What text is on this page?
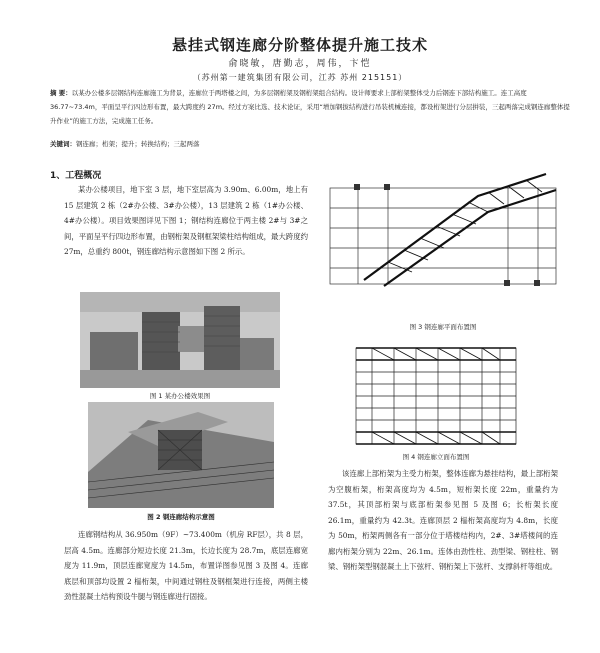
悬挂式钢连廊分阶整体提升施工技术
俞晓敏，唐勤志，周伟，卞恺
（苏州第一建筑集团有限公司，江苏 苏州 215151）
摘 要：以某办公楼多层钢结构连廊施工为背景，连廊位于两塔楼之间，为多层钢桁架及钢桁架组合结构。设计师要求上部桁架整体受力后钢连下部结构施工。连工高度 36.77~73.4m，平面呈平行四边形布置，最大跨度约 27m。经过方案比选、技术论证，采用“增加钢拔结构进行吊装机械连接，都设桁架进行分层拼装，三起两落完成钢连廊整体提升作业”的施工方法，完成施工任务。
关键词：钢连廊；桁架；提升；转换结构；三起两落
1、工程概况
某办公楼项目，地下室 3 层，地下室层高为 3.90m、6.00m，地上有 15 层建筑 2 栋（2#办公楼、3#办公楼），13 层建筑 2 栋（1#办公楼、4#办公楼）。项目效果图详见下图 1；钢结构连廊位于两主楼 2#与 3#之间，平面呈平行四边形布置，由钢桁架及钢框架梁柱结构组成，最大跨度约 27m，总重约 800t，钢连廊结构示意图如下图 2 所示。
图 1 某办公楼效果图
图 2 钢连廊结构示意图
连廊钢结构从 36.950m（9F）~73.400m（机房 RF层），共 8 层，层高 4.5m。连廊部分短边长度 21.3m，长边长度为 28.7m，底层连廊宽度为 11.9m，顶层连廊宽度为 14.5m，布置详图参见图 3 及图 4。连廊底层和顶部均设置 2 榀桁架，中间通过钢柱及钢框架进行连接，两侧主楼劲性混凝土结构预设牛腿与钢连廊进行固接。
图 3 钢连廊平面布置图
图 4 钢连廊立面布置图
该连廊上部桁架为主受力桁架，整体连廊为悬挂结构，最上部桁架为空腹桁架，桁架高度均为 4.5m，短桁架长度 22m，重量约为 37.5t，其顶部桁架与底部桁架参见图 5 及图 6；长桁架长度 26.1m，重量约为 42.3t。连廊顶层 2 榀桁架高度均为 4.8m，长度为 50m，桁架两侧各有一部分位于塔楼结构内，2#、3#塔楼间的连廊内桁架分别为 22m、26.1m。连体由劲性柱、劲型梁、钢柱柱、钢梁、钢桁架型钢混凝土上下弦杆、钢桁架上下弦杆、支撑斜杆等组成。
